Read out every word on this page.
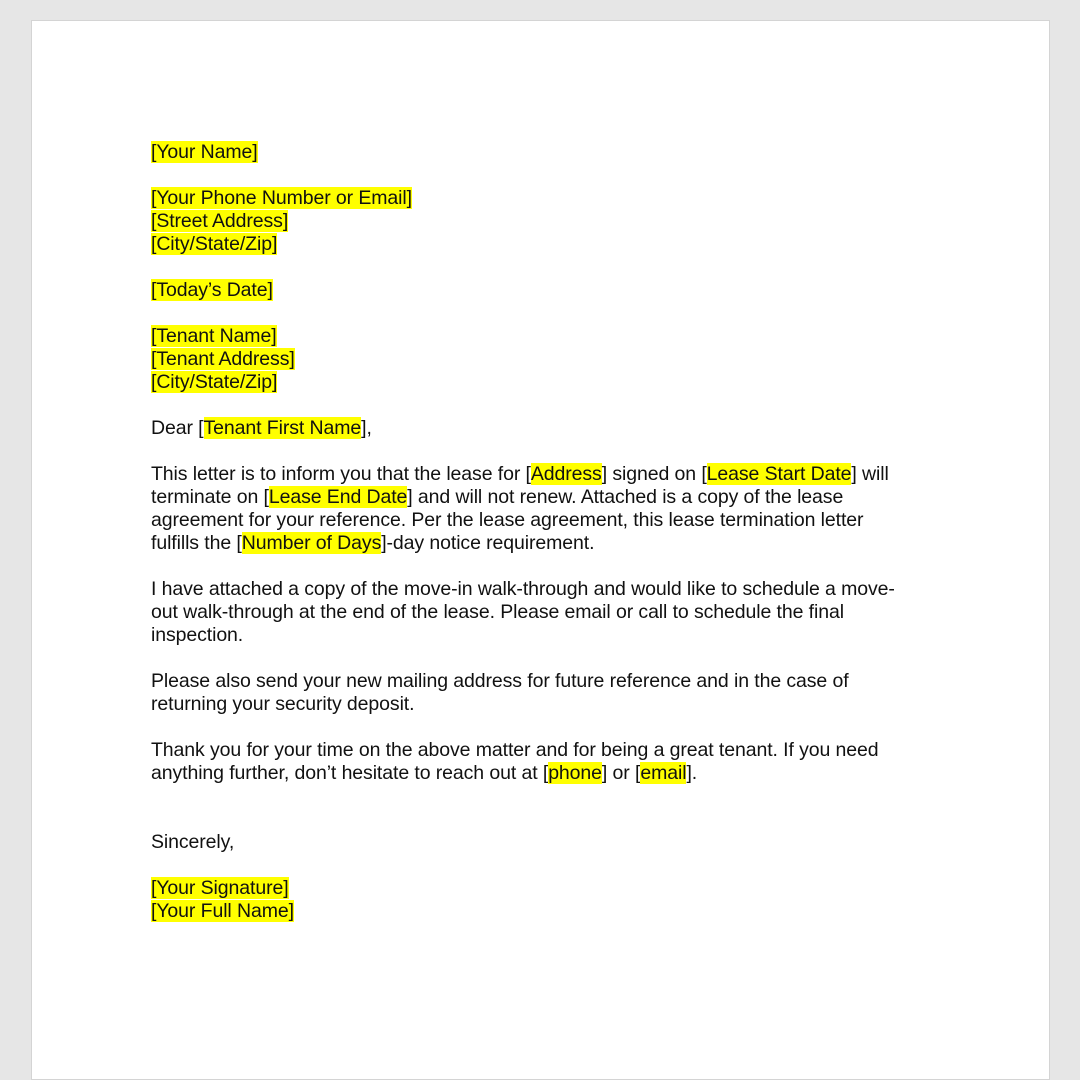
[Your Name]
[Your Phone Number or Email]
[Street Address]
[City/State/Zip]
[Today’s Date]
[Tenant Name]
[Tenant Address]
[City/State/Zip]
Dear [Tenant First Name],
This letter is to inform you that the lease for [Address] signed on [Lease Start Date] will
terminate on [Lease End Date] and will not renew. Attached is a copy of the lease
agreement for your reference. Per the lease agreement, this lease termination letter
fulfills the [Number of Days]-day notice requirement.
I have attached a copy of the move-in walk-through and would like to schedule a move-
out walk-through at the end of the lease. Please email or call to schedule the final
inspection.
Please also send your new mailing address for future reference and in the case of
returning your security deposit.
Thank you for your time on the above matter and for being a great tenant. If you need
anything further, don’t hesitate to reach out at [phone] or [email].
Sincerely,
[Your Signature]
[Your Full Name]
